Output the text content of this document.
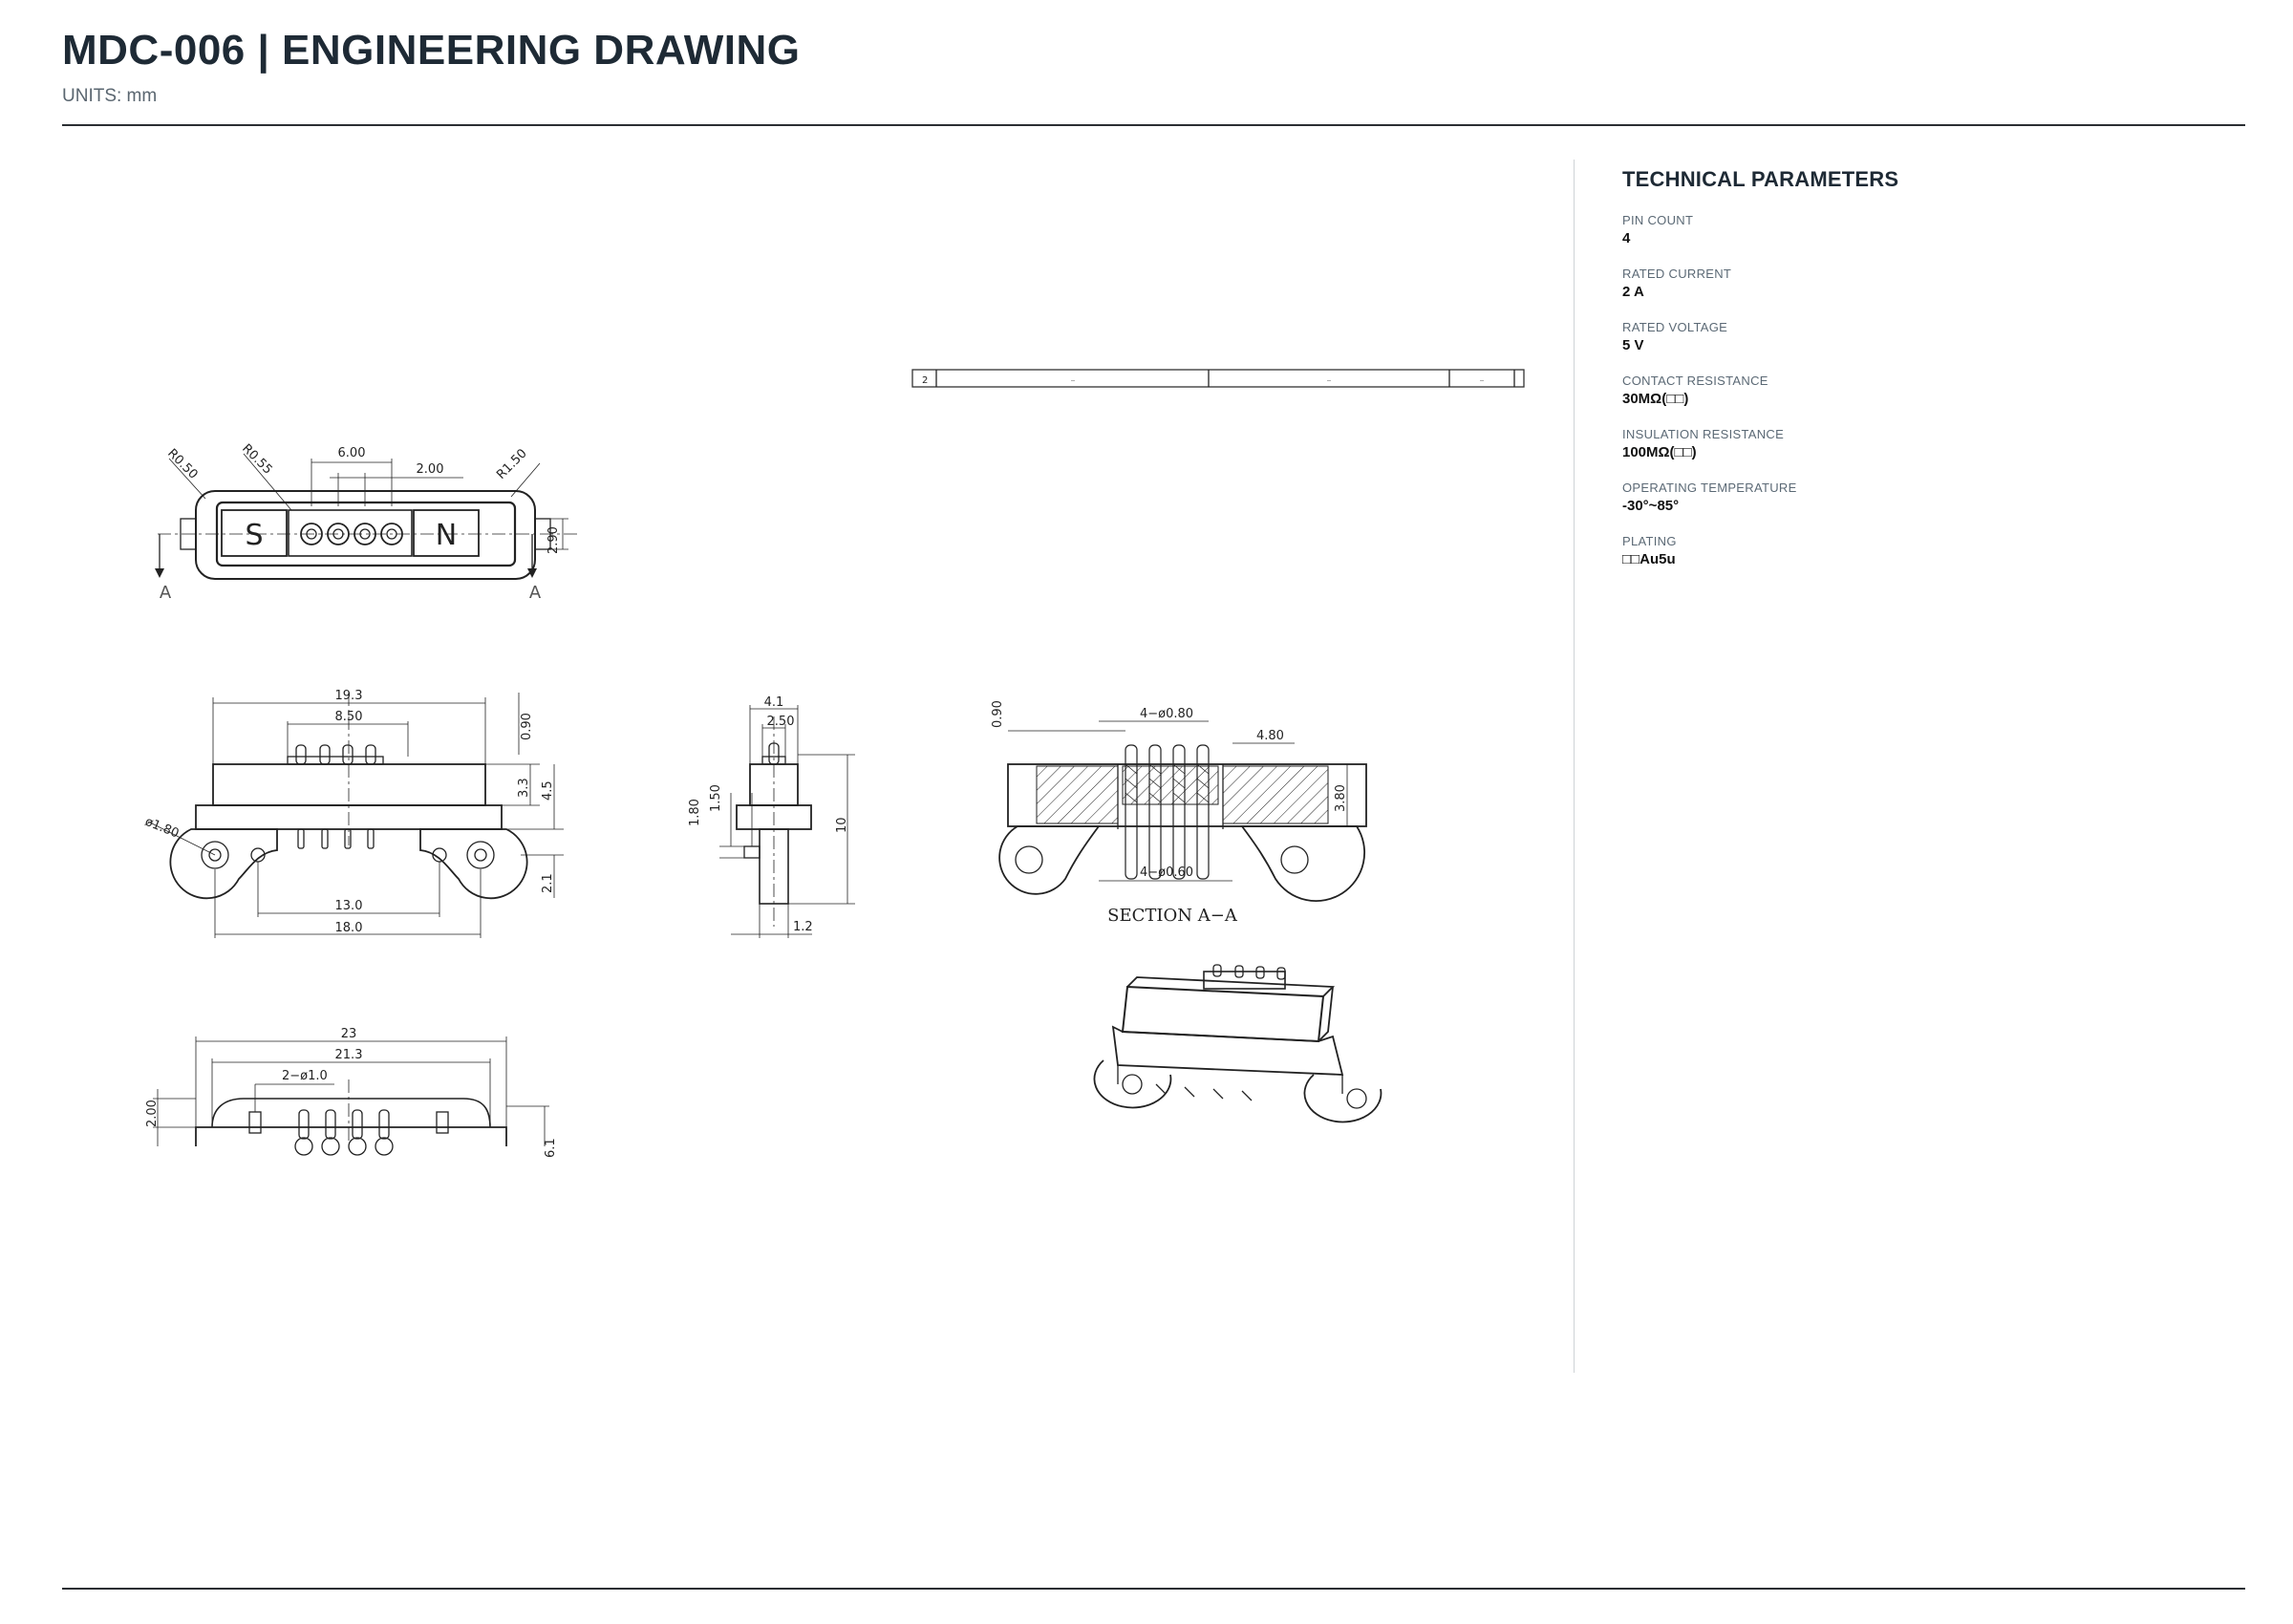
MDC-006 | ENGINEERING DRAWING
UNITS: mm
2	–	–	–
S	N
6.00
2.00
2.90
R0.50	R0.55	R1.50
A	A
19.3
8.50	0.90
3.3 4.5
2.1
ø1.80
13.0
18.0
4.1
2.50
1.80
1.50
10
1.2
0.90	4−ø0.80
4.80
3.80
4−ø0.60
SECTION A−A
23
21.3
2−ø1.0
2.00
6.1
TECHNICAL PARAMETERS
PIN COUNT
4
RATED CURRENT
2 A
RATED VOLTAGE
5 V
CONTACT RESISTANCE
30MΩ(□□)
INSULATION RESISTANCE
100MΩ(□□)
OPERATING TEMPERATURE
-30°~85°
PLATING
□□Au5u
